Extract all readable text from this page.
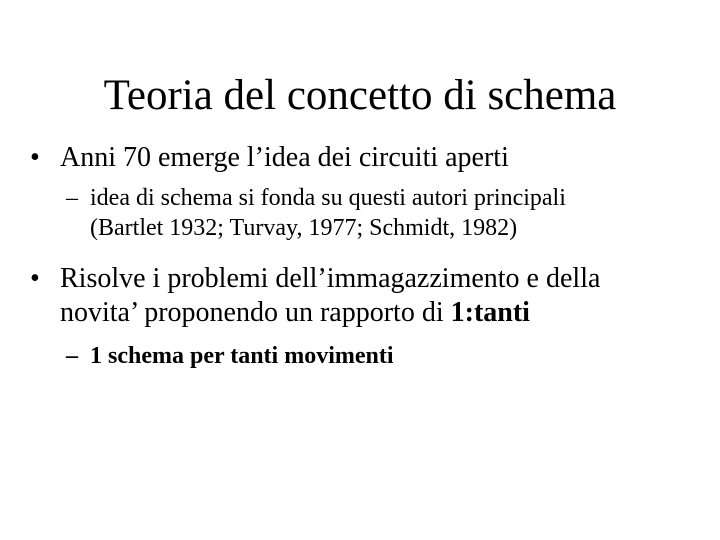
Teoria del concetto di schema
• Anni 70 emerge l’idea dei circuiti aperti
– idea di schema si fonda su questi autori principali
(Bartlet 1932; Turvay, 1977; Schmidt, 1982)
• Risolve i problemi dell’immagazzimento e della
novita’ proponendo un rapporto di 1:tanti
– 1 schema per tanti movimenti
